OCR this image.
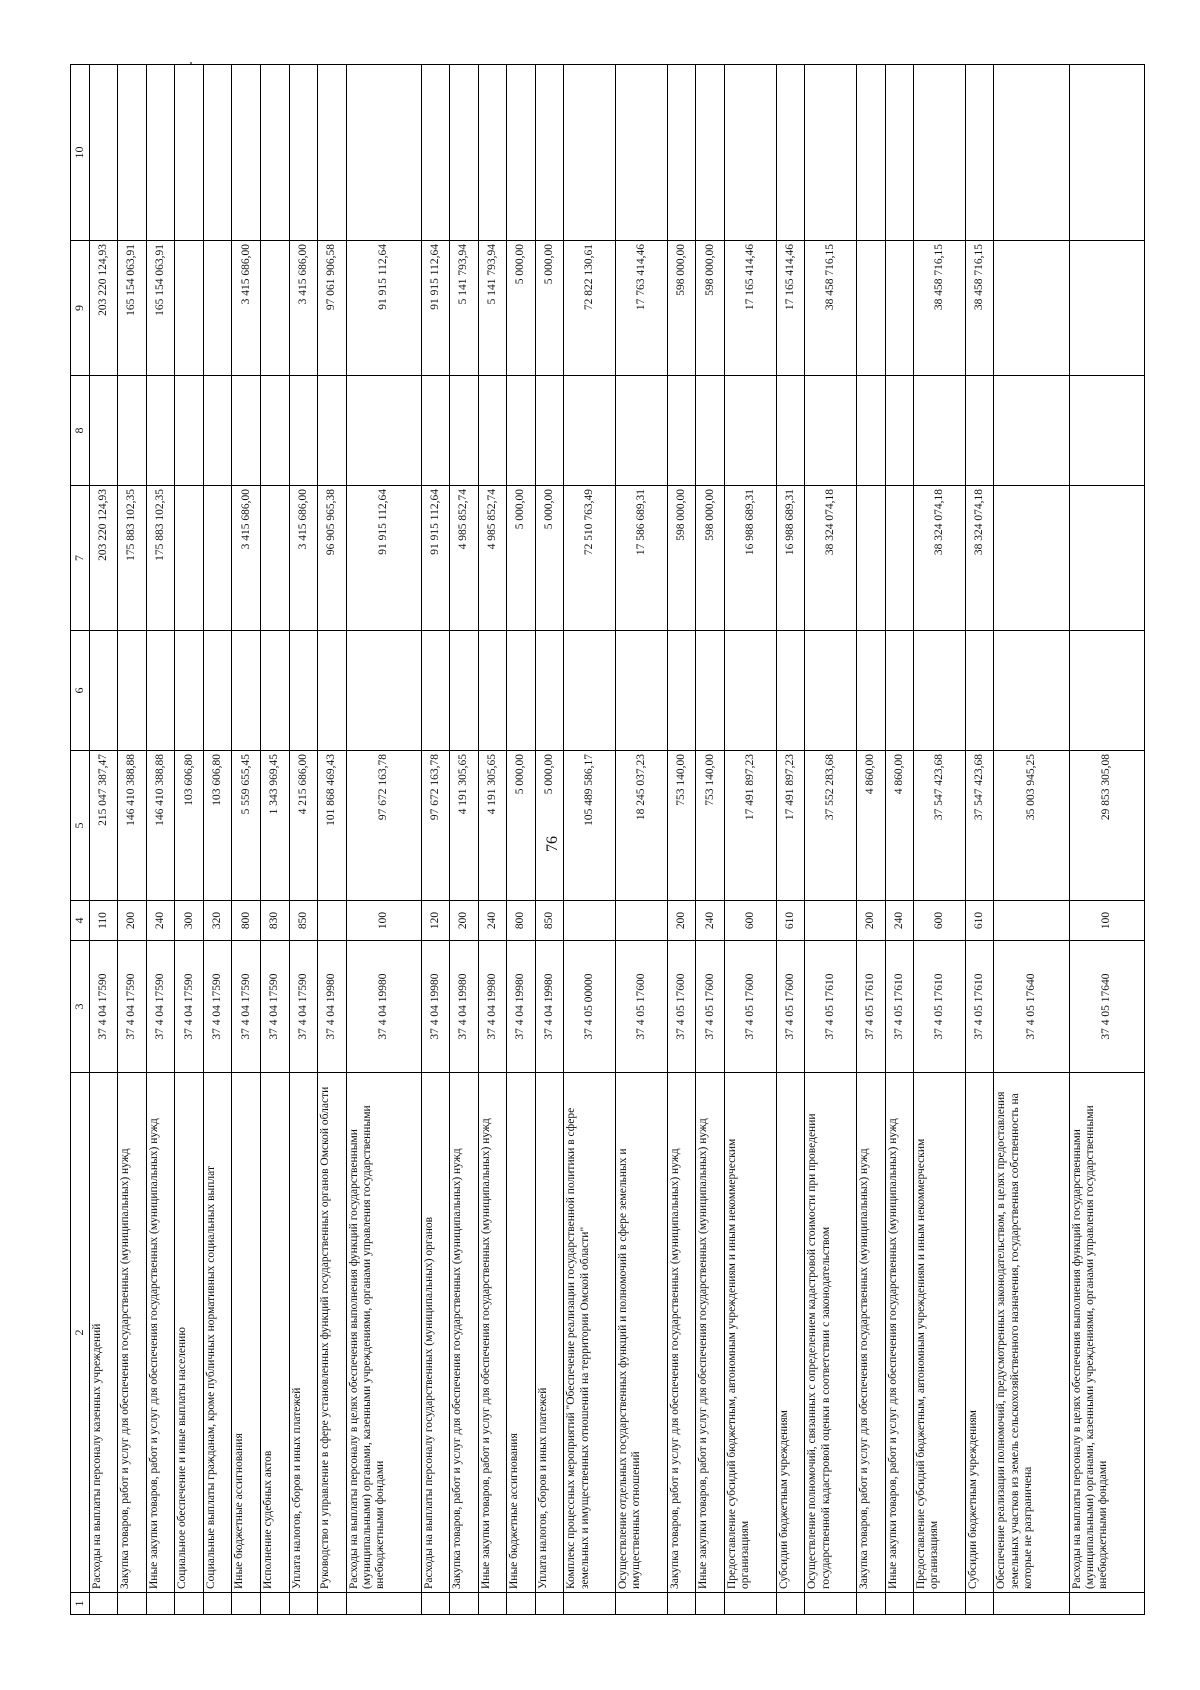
76
1	2	3	4	5	6	7	8	9	10
	Расходы на выплаты персоналу казенных учреждений	37 4 04 17590	110	215 047 387,47		203 220 124,93		203 220 124,93	
	Закупка товаров, работ и услуг для обеспечения государственных (муниципальных) нужд	37 4 04 17590	200	146 410 388,88		175 883 102,35		165 154 063,91	
	Иные закупки товаров, работ и услуг для обеспечения государственных (муниципальных) нужд	37 4 04 17590	240	146 410 388,88		175 883 102,35		165 154 063,91	
	Социальное обеспечение и иные выплаты населению	37 4 04 17590	300	103 606,80					
	Социальные выплаты гражданам, кроме публичных нормативных социальных выплат	37 4 04 17590	320	103 606,80					
	Иные бюджетные ассигнования	37 4 04 17590	800	5 559 655,45		3 415 686,00		3 415 686,00	
	Исполнение судебных актов	37 4 04 17590	830	1 343 969,45					
	Уплата налогов, сборов и иных платежей	37 4 04 17590	850	4 215 686,00		3 415 686,00		3 415 686,00	
	Руководство и управление в сфере установленных функций государственных органов Омской области	37 4 04 19980		101 868 469,43		96 905 965,38		97 061 906,58	
	Расходы на выплаты персоналу в целях обеспечения выполнения функций государственными (муниципальными) органами, казенными учреждениями, органами управления государственными внебюджетными фондами	37 4 04 19980	100	97 672 163,78		91 915 112,64		91 915 112,64	
	Расходы на выплаты персоналу государственных (муниципальных) органов	37 4 04 19980	120	97 672 163,78		91 915 112,64		91 915 112,64	
	Закупка товаров, работ и услуг для обеспечения государственных (муниципальных) нужд	37 4 04 19980	200	4 191 305,65		4 985 852,74		5 141 793,94	
	Иные закупки товаров, работ и услуг для обеспечения государственных (муниципальных) нужд	37 4 04 19980	240	4 191 305,65		4 985 852,74		5 141 793,94	
	Иные бюджетные ассигнования	37 4 04 19980	800	5 000,00		5 000,00		5 000,00	
	Уплата налогов, сборов и иных платежей	37 4 04 19980	850	5 000,00		5 000,00		5 000,00	
	Комплекс процессных мероприятий "Обеспечение реализации государственной политики в сфере земельных и имущественных отношений на территории Омской области"	37 4 05 00000		105 489 586,17		72 510 763,49		72 822 130,61	
	Осуществление отдельных государственных функций и полномочий в сфере земельных и имущественных отношений	37 4 05 17600		18 245 037,23		17 586 689,31		17 763 414,46	
	Закупка товаров, работ и услуг для обеспечения государственных (муниципальных) нужд	37 4 05 17600	200	753 140,00		598 000,00		598 000,00	
	Иные закупки товаров, работ и услуг для обеспечения государственных (муниципальных) нужд	37 4 05 17600	240	753 140,00		598 000,00		598 000,00	
	Предоставление субсидий бюджетным, автономным учреждениям и иным некоммерческим организациям	37 4 05 17600	600	17 491 897,23		16 988 689,31		17 165 414,46	
	Субсидии бюджетным учреждениям	37 4 05 17600	610	17 491 897,23		16 988 689,31		17 165 414,46	
	Осуществление полномочий, связанных с определением кадастровой стоимости при проведении государственной кадастровой оценки в соответствии с законодательством	37 4 05 17610		37 552 283,68		38 324 074,18		38 458 716,15	
	Закупка товаров, работ и услуг для обеспечения государственных (муниципальных) нужд	37 4 05 17610	200	4 860,00					
	Иные закупки товаров, работ и услуг для обеспечения государственных (муниципальных) нужд	37 4 05 17610	240	4 860,00					
	Предоставление субсидий бюджетным, автономным учреждениям и иным некоммерческим организациям	37 4 05 17610	600	37 547 423,68		38 324 074,18		38 458 716,15	
	Субсидии бюджетным учреждениям	37 4 05 17610	610	37 547 423,68		38 324 074,18		38 458 716,15	
	Обеспечение реализации полномочий, предусмотренных законодательством, в целях предоставления земельных участков из земель сельскохозяйственного назначения, государственная собственность на которые не разграничена	37 4 05 17640		35 003 945,25					
	Расходы на выплаты персоналу в целях обеспечения выполнения функций государственными (муниципальными) органами, казенными учреждениями, органами управления государственными внебюджетными фондами	37 4 05 17640	100	29 853 305,08					
